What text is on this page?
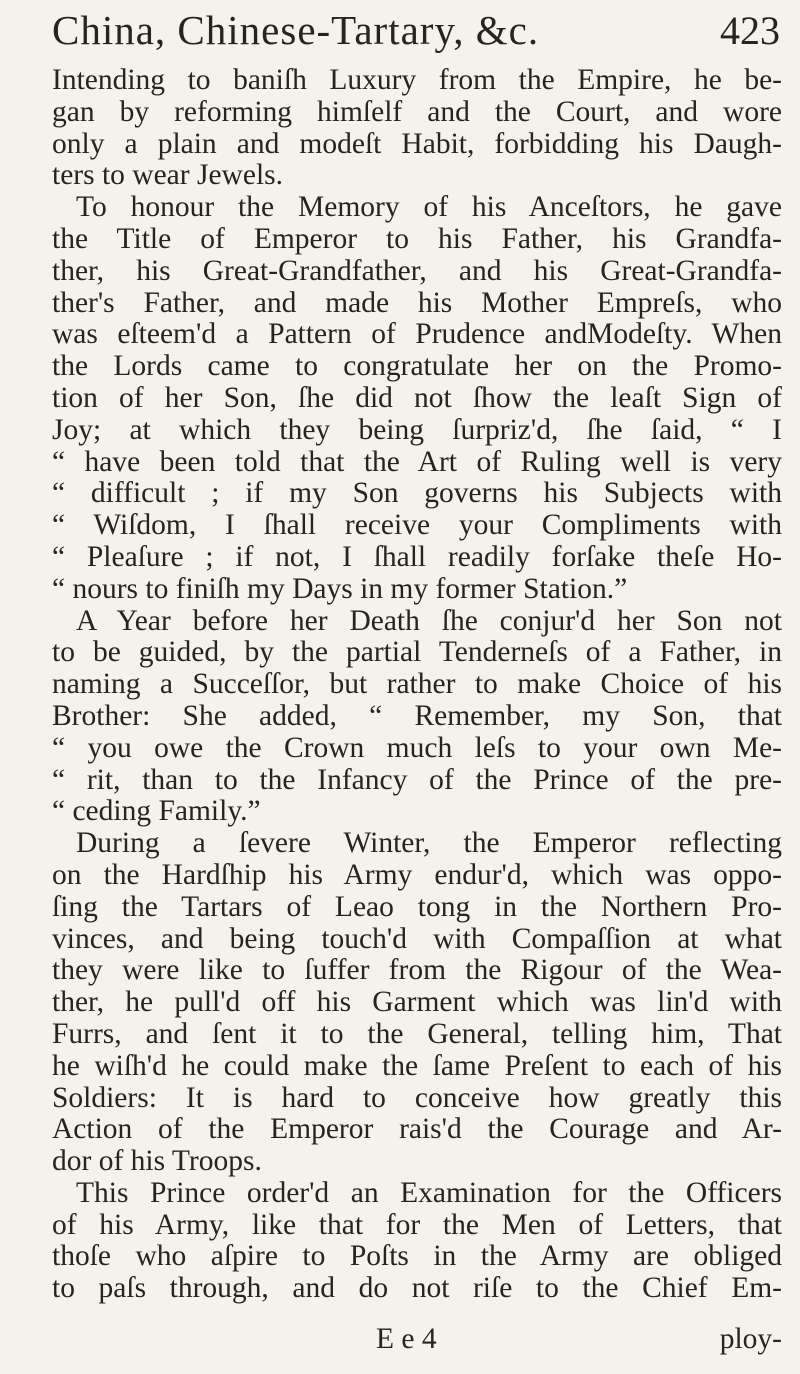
China, Chinese-Tartary, &c.	423
Intending to baniſh Luxury from the Empire, he be-
gan by reforming himſelf and the Court, and wore
only a plain and modeſt Habit, forbidding his Daugh-
ters to wear Jewels.
To honour the Memory of his Anceſtors, he gave
the Title of Emperor to his Father, his Grandfa-
ther, his Great-Grandfather, and his Great-Grandfa-
ther's Father, and made his Mother Empreſs, who
was eſteem'd a Pattern of Prudence andModeſty. When
the Lords came to congratulate her on the Promo-
tion of her Son, ſhe did not ſhow the leaſt Sign of
Joy; at which they being ſurpriz'd, ſhe ſaid, “ I
“ have been told that the Art of Ruling well is very
“ difficult ; if my Son governs his Subjects with
“ Wiſdom, I ſhall receive your Compliments with
“ Pleaſure ; if not, I ſhall readily forſake theſe Ho-
“ nours to finiſh my Days in my former Station.”
A Year before her Death ſhe conjur'd her Son not
to be guided, by the partial Tenderneſs of a Father, in
naming a Succeſſor, but rather to make Choice of his
Brother: She added, “ Remember, my Son, that
“ you owe the Crown much leſs to your own Me-
“ rit, than to the Infancy of the Prince of the pre-
“ ceding Family.”
During a ſevere Winter, the Emperor reflecting
on the Hardſhip his Army endur'd, which was oppo-
ſing the Tartars of Leao tong in the Northern Pro-
vinces, and being touch'd with Compaſſion at what
they were like to ſuffer from the Rigour of the Wea-
ther, he pull'd off his Garment which was lin'd with
Furrs, and ſent it to the General, telling him, That
he wiſh'd he could make the ſame Preſent to each of his
Soldiers: It is hard to conceive how greatly this
Action of the Emperor rais'd the Courage and Ar-
dor of his Troops.
This Prince order'd an Examination for the Officers
of his Army, like that for the Men of Letters, that
thoſe who aſpire to Poſts in the Army are obliged
to paſs through, and do not riſe to the Chief Em-
E e 4	ploy-
